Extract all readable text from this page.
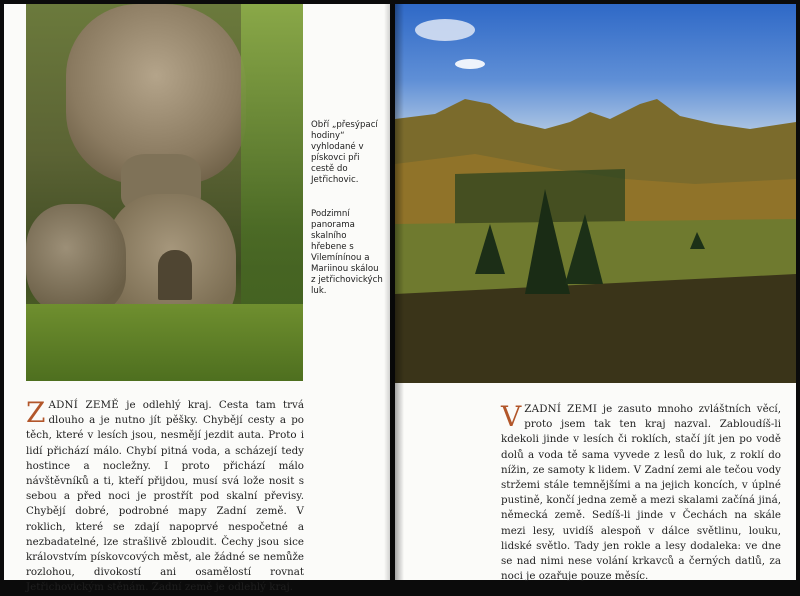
Obří „přesýpací hodiny“ vyhlodané v pískovci při cestě do Jetřichovic.
Podzimní panorama skalního hřebene s Vilemínínou a Mariinou skálou z jetřichovických luk.
ZADNÍ ZEMĚ je odlehlý kraj. Cesta tam trvá dlouho a je nutno jít pěšky. Chybějí cesty a po těch, které v lesích jsou, nesmějí jezdit auta. Proto i lidí přichází málo. Chybí pitná voda, a scházejí tedy hostince a nocležny. I proto přichází málo návštěvníků a ti, kteří přijdou, musí svá lože nosit s sebou a před noci je prostřít pod skalní převisy. Chybějí dobré, podrobné mapy Zadní země. V roklich, které se zdají napoprvé nespočetné a nezbadatelné, lze strašlivě zbloudit. Čechy jsou sice královstvím pískovcových měst, ale žádné se nemůže rozlohou, divokostí ani osamělostí rovnat Jetřichovickým stěnám. Zadní země je odlehlý kraj.
VZADNÍ ZEMI je zasuto mnoho zvláštních věcí, proto jsem tak ten kraj nazval. Zabloudíš-li kdekoli jinde v lesích či roklích, stačí jít jen po vodě dolů a voda tě sama vyvede z lesů do luk, z roklí do nížin, ze samoty k lidem. V Zadní zemi ale tečou vody stržemi stále temnějšími a na jejich koncích, v úplné pustině, končí jedna země a mezi skalami začíná jiná, německá země. Sedíš-li jinde v Čechách na skále mezi lesy, uvidíš alespoň v dálce světlinu, louku, lidské světlo. Tady jen rokle a lesy dodaleka: ve dne se nad nimi nese volání krkavců a černých datlů, za noci je ozařuje pouze měsíc.
